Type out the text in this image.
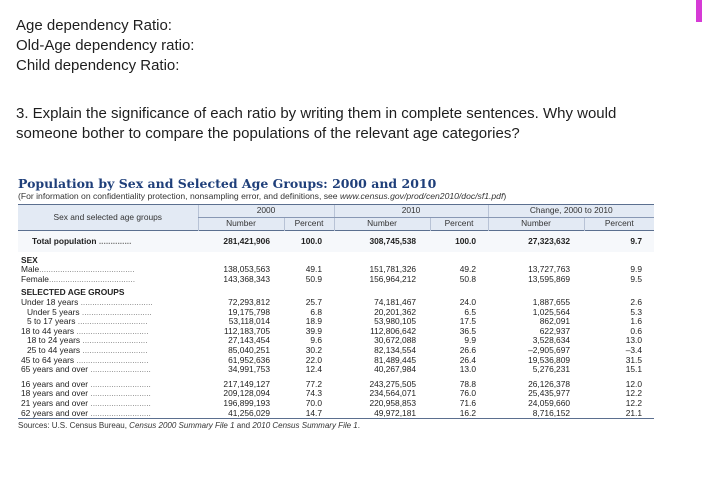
Age dependency Ratio:
Old-Age dependency ratio:
Child dependency Ratio:
3. Explain the significance of each ratio by writing them in complete sentences. Why would someone bother to compare the populations of the relevant age categories?
Population by Sex and Selected Age Groups: 2000 and 2010
(For information on confidentiality protection, nonsampling error, and definitions, see www.census.gov/prod/cen2010/doc/sf1.pdf)
Sex and selected age groups	2000		2010		Change, 2000 to 2010	
	Number	Percent	Number	Percent	Number	Percent
Total population ..............	281,421,906	100.0	308,745,538	100.0	27,323,632	9.7
SEX						
Male.........................................	138,053,563	49.1	151,781,326	49.2	13,727,763	9.9
Female.....................................	143,368,343	50.9	156,964,212	50.8	13,595,869	9.5
SELECTED AGE GROUPS						
Under 18 years ...............................	72,293,812	25.7	74,181,467	24.0	1,887,655	2.6
Under 5 years ..............................	19,175,798	6.8	20,201,362	6.5	1,025,564	5.3
5 to 17 years ..............................	53,118,014	18.9	53,980,105	17.5	862,091	1.6
18 to 44 years ...............................	112,183,705	39.9	112,806,642	36.5	622,937	0.6
18 to 24 years ............................	27,143,454	9.6	30,672,088	9.9	3,528,634	13.0
25 to 44 years ............................	85,040,251	30.2	82,134,554	26.6	–2,905,697	–3.4
45 to 64 years ...............................	61,952,636	22.0	81,489,445	26.4	19,536,809	31.5
65 years and over ..........................	34,991,753	12.4	40,267,984	13.0	5,276,231	15.1

16 years and over ..........................	217,149,127	77.2	243,275,505	78.8	26,126,378	12.0
18 years and over ..........................	209,128,094	74.3	234,564,071	76.0	25,435,977	12.2
21 years and over ..........................	196,899,193	70.0	220,958,853	71.6	24,059,660	12.2
62 years and over ..........................	41,256,029	14.7	49,972,181	16.2	8,716,152	21.1
Sources: U.S. Census Bureau, Census 2000 Summary File 1 and 2010 Census Summary File 1.
